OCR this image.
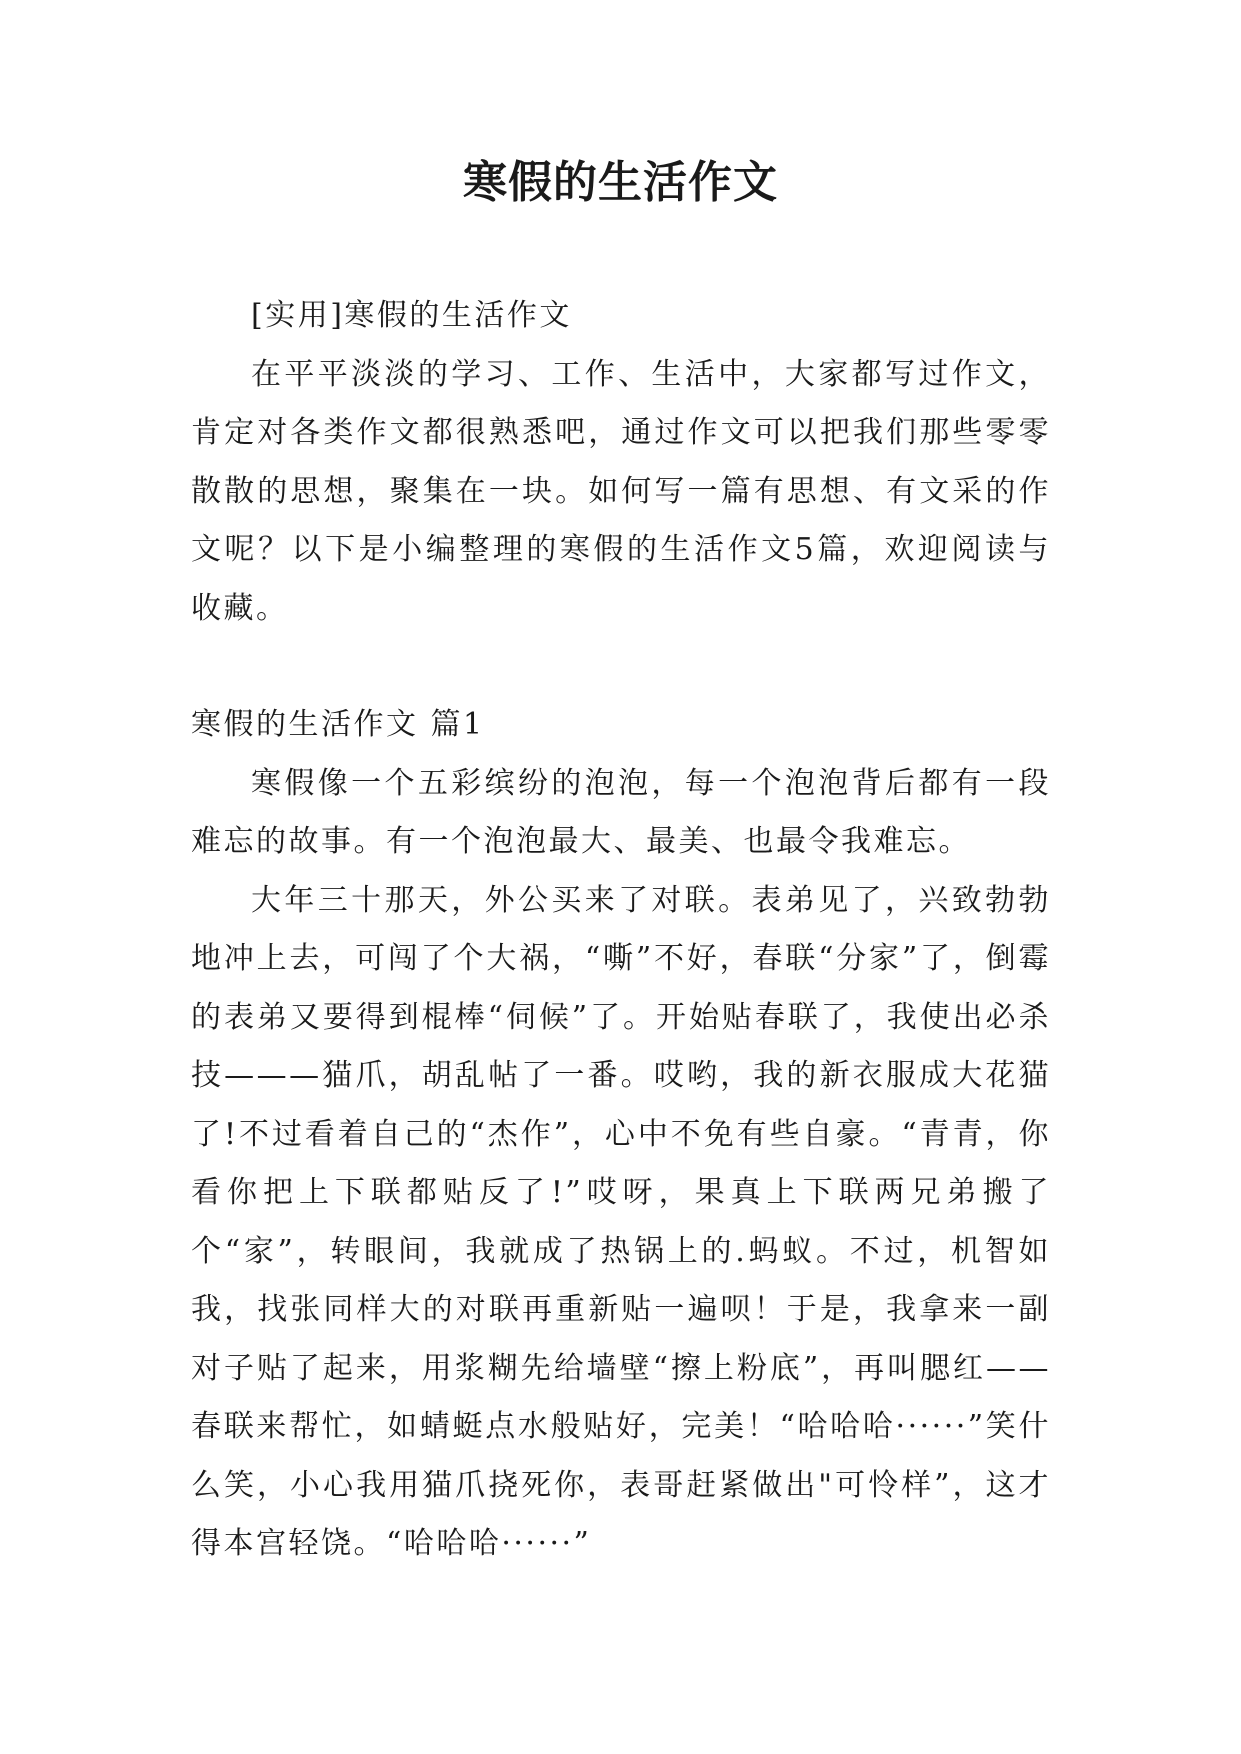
寒假的生活作文

[实用]寒假的生活作文

在平平淡淡的学习、工作、生活中，大家都写过作文，肯定对各类作文都很熟悉吧，通过作文可以把我们那些零零散散的思想，聚集在一块。如何写一篇有思想、有文采的作文呢？以下是小编整理的寒假的生活作文5篇，欢迎阅读与收藏。

寒假的生活作文 篇1

寒假像一个五彩缤纷的泡泡，每一个泡泡背后都有一段难忘的故事。有一个泡泡最大、最美、也最令我难忘。

大年三十那天，外公买来了对联。表弟见了，兴致勃勃地冲上去，可闯了个大祸，“嘶”不好，春联“分家”了，倒霉的表弟又要得到棍棒“伺候”了。开始贴春联了，我使出必杀技———猫爪，胡乱帖了一番。哎哟，我的新衣服成大花猫了!不过看着自己的“杰作”，心中不免有些自豪。“青青，你看你把上下联都贴反了!”哎呀，果真上下联两兄弟搬了个“家”，转眼间，我就成了热锅上的.蚂蚁。不过，机智如我，找张同样大的对联再重新贴一遍呗！于是，我拿来一副对子贴了起来，用浆糊先给墙壁“擦上粉底”，再叫腮红——春联来帮忙，如蜻蜓点水般贴好，完美！“哈哈哈······”笑什么笑，小心我用猫爪挠死你，表哥赶紧做出"可怜样”，这才得本宫轻饶。“哈哈哈······”
